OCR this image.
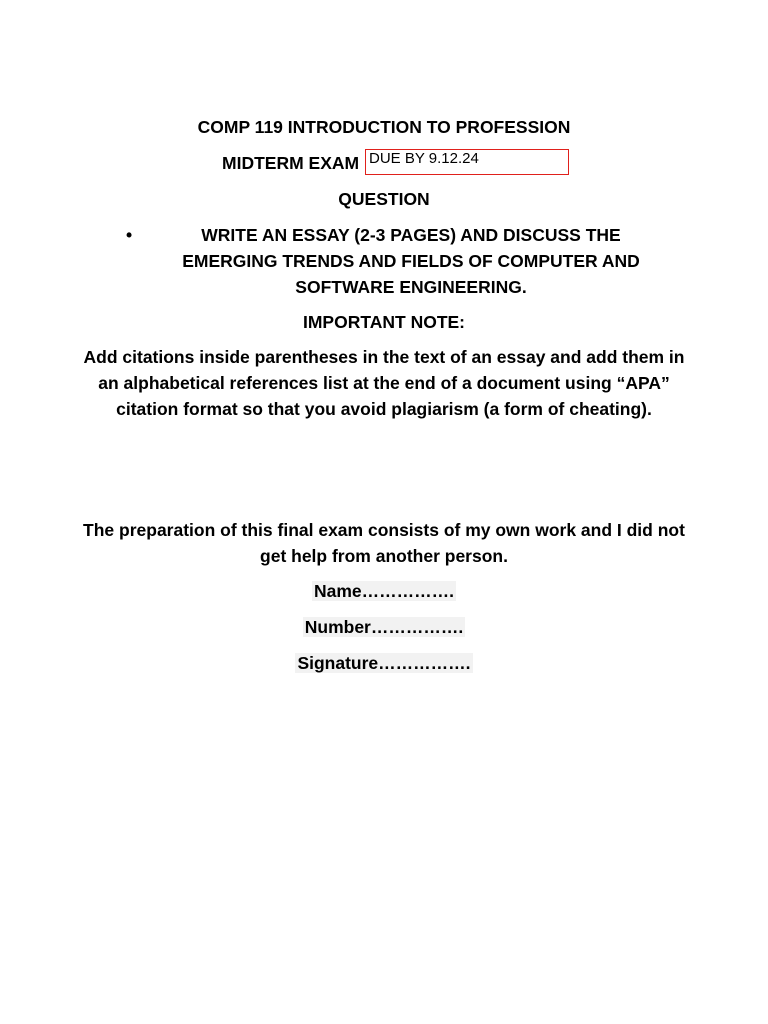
COMP 119 INTRODUCTION TO PROFESSION
MIDTERM EXAM DUE BY 9.12.24
QUESTION
•	WRITE AN ESSAY (2-3 PAGES) AND DISCUSS THE EMERGING TRENDS AND FIELDS OF COMPUTER AND SOFTWARE ENGINEERING.
IMPORTANT NOTE:
Add citations inside parentheses in the text of an essay and add them in an alphabetical references list at the end of a document using “APA” citation format so that you avoid plagiarism (a form of cheating).
The preparation of this final exam consists of my own work and I did not get help from another person.
Name…………….
Number…………….
Signature…………….
